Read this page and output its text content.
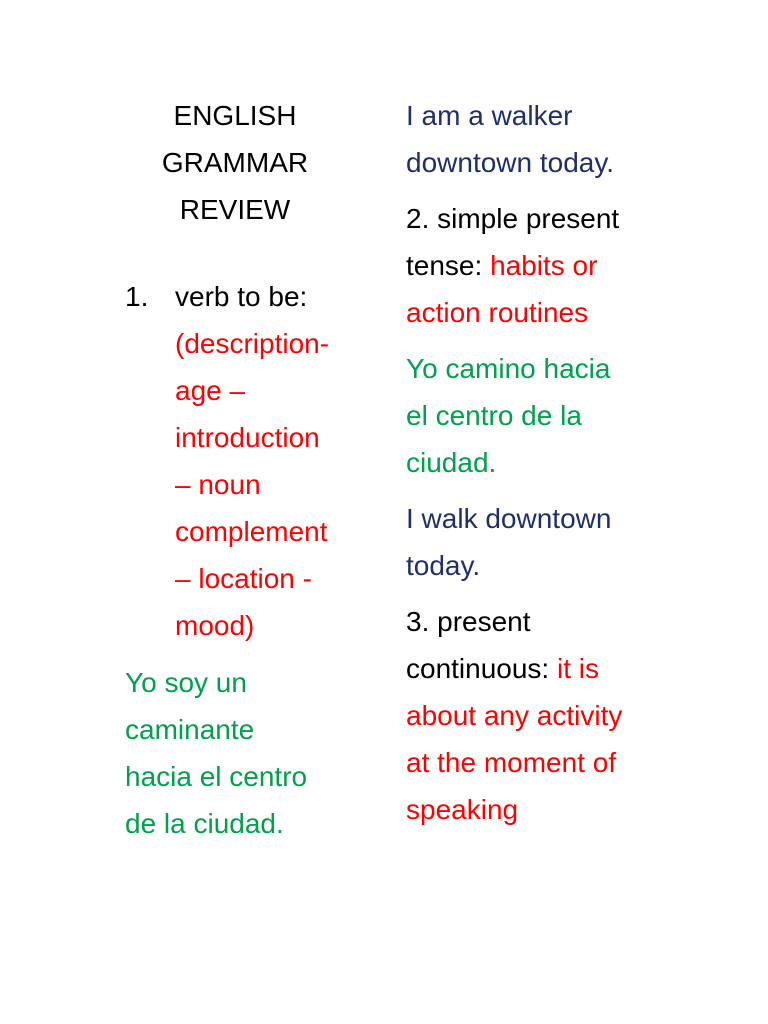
ENGLISH
GRAMMAR
REVIEW
1. verb to be:
(description-
age –
introduction
– noun
complement
– location -
mood)
Yo soy un
caminante
hacia el centro
de la ciudad.

I am a walker
downtown today.

2. simple present
tense: habits or
action routines

Yo camino hacia
el centro de la
ciudad.

I walk downtown
today.

3. present
continuous: it is
about any activity
at the moment of
speaking
